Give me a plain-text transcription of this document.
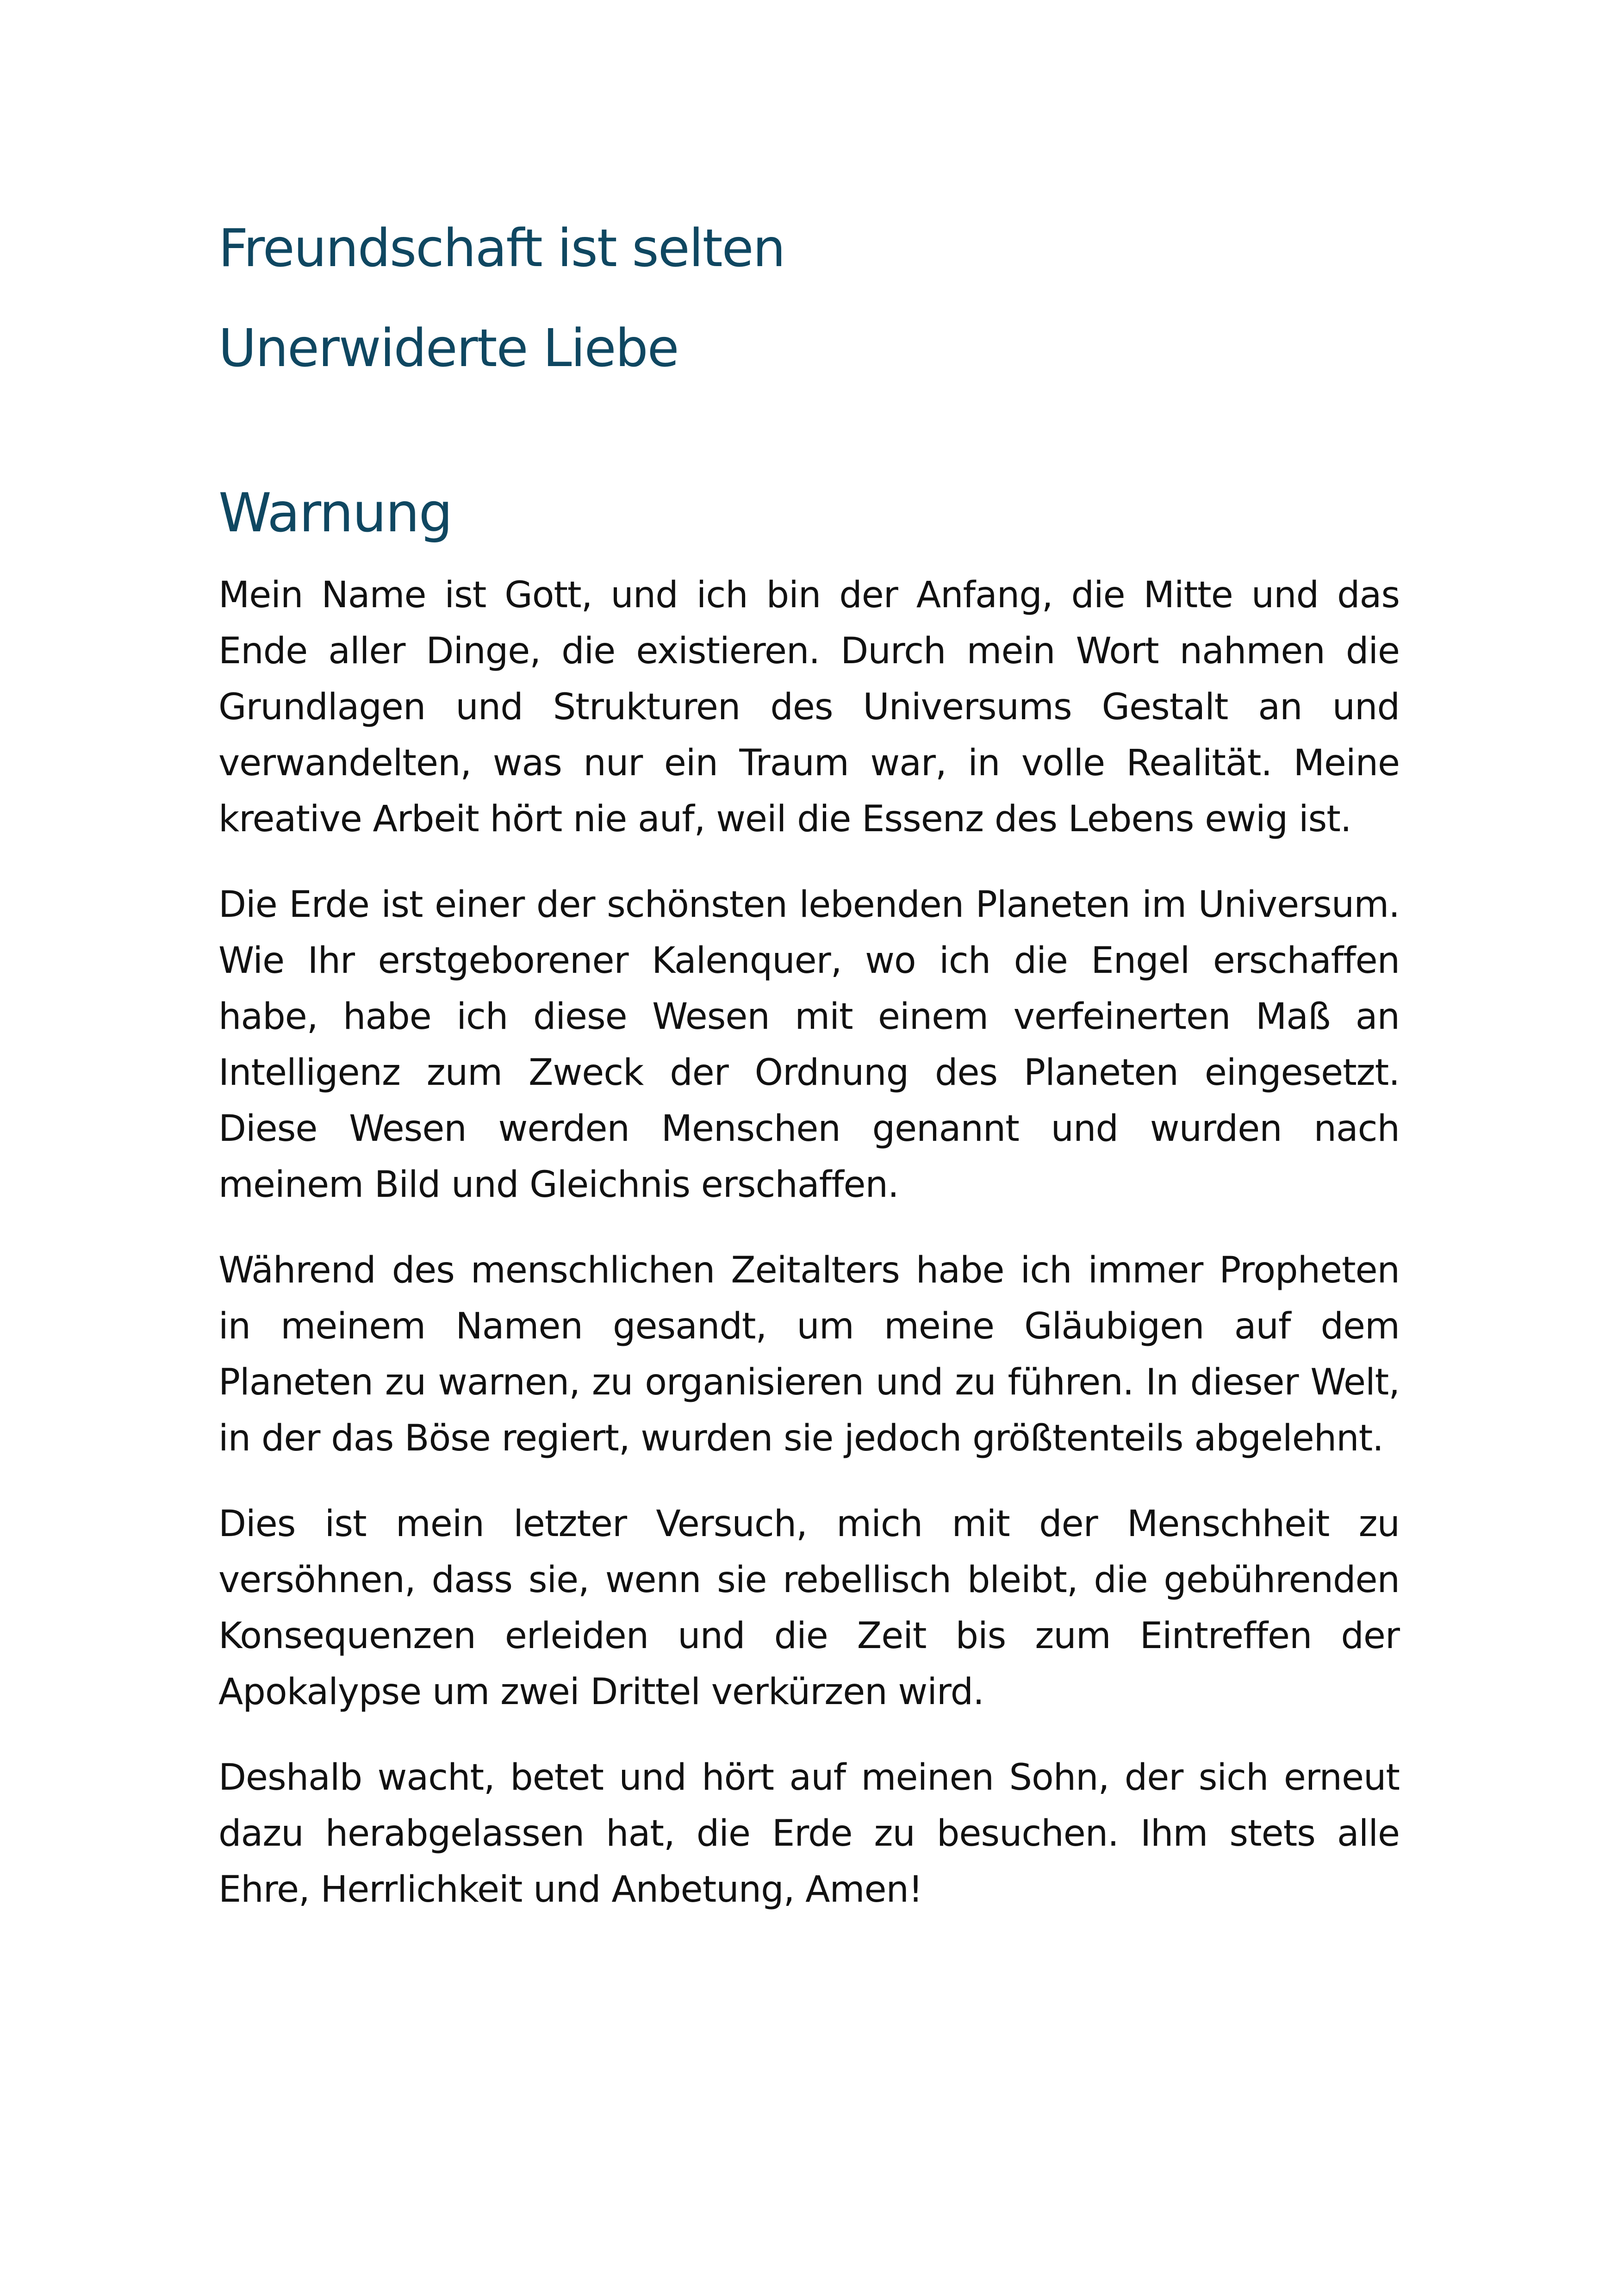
Freundschaft ist selten
Unerwiderte Liebe
Warnung

Mein Name ist Gott, und ich bin der Anfang, die Mitte und das Ende aller Dinge, die existieren. Durch mein Wort nahmen die Grundlagen und Strukturen des Universums Gestalt an und verwandelten, was nur ein Traum war, in volle Realität. Meine kreative Arbeit hört nie auf, weil die Essenz des Lebens ewig ist.

Die Erde ist einer der schönsten lebenden Planeten im Universum. Wie Ihr erstgeborener Kalenquer, wo ich die Engel erschaffen habe, habe ich diese Wesen mit einem verfeinerten Maß an Intelligenz zum Zweck der Ordnung des Planeten eingesetzt. Diese Wesen werden Menschen genannt und wurden nach meinem Bild und Gleichnis erschaffen.

Während des menschlichen Zeitalters habe ich immer Propheten in meinem Namen gesandt, um meine Gläubigen auf dem Planeten zu warnen, zu organisieren und zu führen. In dieser Welt, in der das Böse regiert, wurden sie jedoch größtenteils abgelehnt.

Dies ist mein letzter Versuch, mich mit der Menschheit zu versöhnen, dass sie, wenn sie rebellisch bleibt, die gebührenden Konsequenzen erleiden und die Zeit bis zum Eintreffen der Apokalypse um zwei Drittel verkürzen wird.

Deshalb wacht, betet und hört auf meinen Sohn, der sich erneut dazu herabgelassen hat, die Erde zu besuchen. Ihm stets alle Ehre, Herrlichkeit und Anbetung, Amen!
